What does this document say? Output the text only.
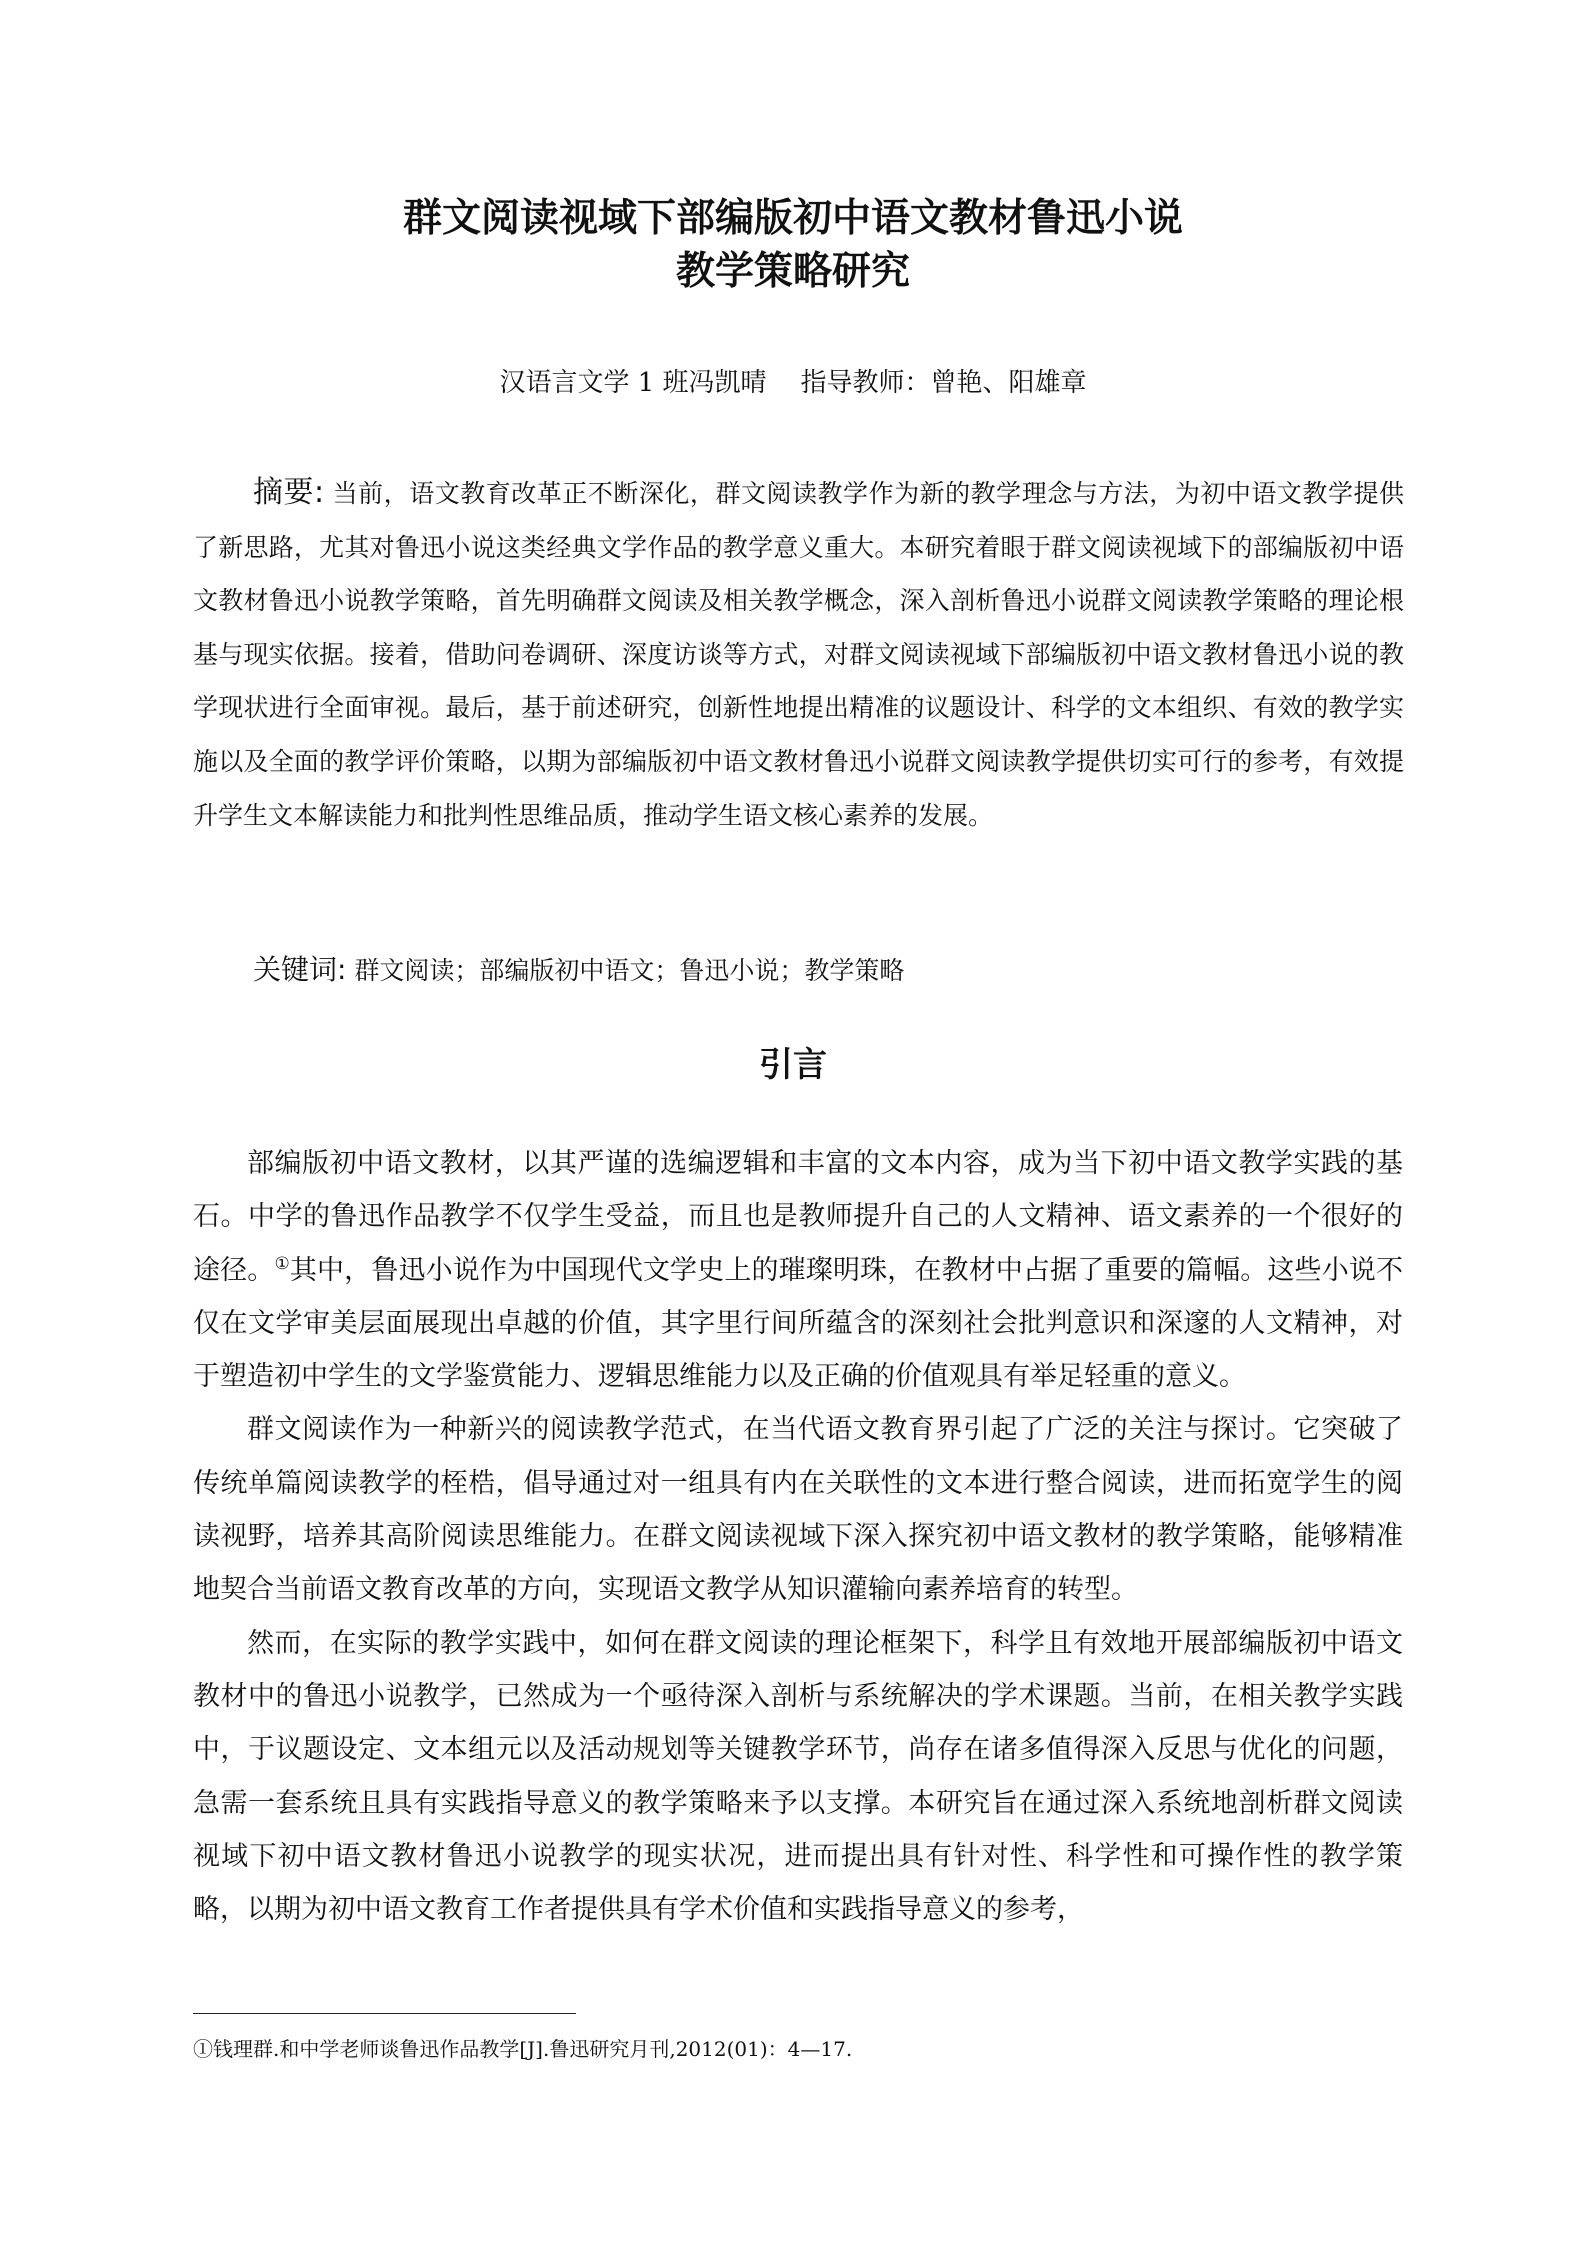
群文阅读视域下部编版初中语文教材鲁迅小说
教学策略研究
汉语言文学 1 班冯凯晴 指导教师：曾艳、阳雄章

摘要: 当前，语文教育改革正不断深化，群文阅读教学作为新的教学理念与方法，为初中语文教学提供了新思路，尤其对鲁迅小说这类经典文学作品的教学意义重大。本研究着眼于群文阅读视域下的部编版初中语文教材鲁迅小说教学策略，首先明确群文阅读及相关教学概念，深入剖析鲁迅小说群文阅读教学策略的理论根基与现实依据。接着，借助问卷调研、深度访谈等方式，对群文阅读视域下部编版初中语文教材鲁迅小说的教学现状进行全面审视。最后，基于前述研究，创新性地提出精准的议题设计、科学的文本组织、有效的教学实施以及全面的教学评价策略，以期为部编版初中语文教材鲁迅小说群文阅读教学提供切实可行的参考，有效提升学生文本解读能力和批判性思维品质，推动学生语文核心素养的发展。

关键词: 群文阅读；部编版初中语文；鲁迅小说；教学策略

引言

部编版初中语文教材，以其严谨的选编逻辑和丰富的文本内容，成为当下初中语文教学实践的基石。中学的鲁迅作品教学不仅学生受益，而且也是教师提升自己的人文精神、语文素养的一个很好的途径。①其中，鲁迅小说作为中国现代文学史上的璀璨明珠，在教材中占据了重要的篇幅。这些小说不仅在文学审美层面展现出卓越的价值，其字里行间所蕴含的深刻社会批判意识和深邃的人文精神，对于塑造初中学生的文学鉴赏能力、逻辑思维能力以及正确的价值观具有举足轻重的意义。

群文阅读作为一种新兴的阅读教学范式，在当代语文教育界引起了广泛的关注与探讨。它突破了传统单篇阅读教学的桎梏，倡导通过对一组具有内在关联性的文本进行整合阅读，进而拓宽学生的阅读视野，培养其高阶阅读思维能力。在群文阅读视域下深入探究初中语文教材的教学策略，能够精准地契合当前语文教育改革的方向，实现语文教学从知识灌输向素养培育的转型。

然而，在实际的教学实践中，如何在群文阅读的理论框架下，科学且有效地开展部编版初中语文教材中的鲁迅小说教学，已然成为一个亟待深入剖析与系统解决的学术课题。当前，在相关教学实践中，于议题设定、文本组元以及活动规划等关键教学环节，尚存在诸多值得深入反思与优化的问题，急需一套系统且具有实践指导意义的教学策略来予以支撑。本研究旨在通过深入系统地剖析群文阅读视域下初中语文教材鲁迅小说教学的现实状况，进而提出具有针对性、科学性和可操作性的教学策略，以期为初中语文教育工作者提供具有学术价值和实践指导意义的参考，

①钱理群.和中学老师谈鲁迅作品教学[J].鲁迅研究月刊,2012(01)：4—17.
